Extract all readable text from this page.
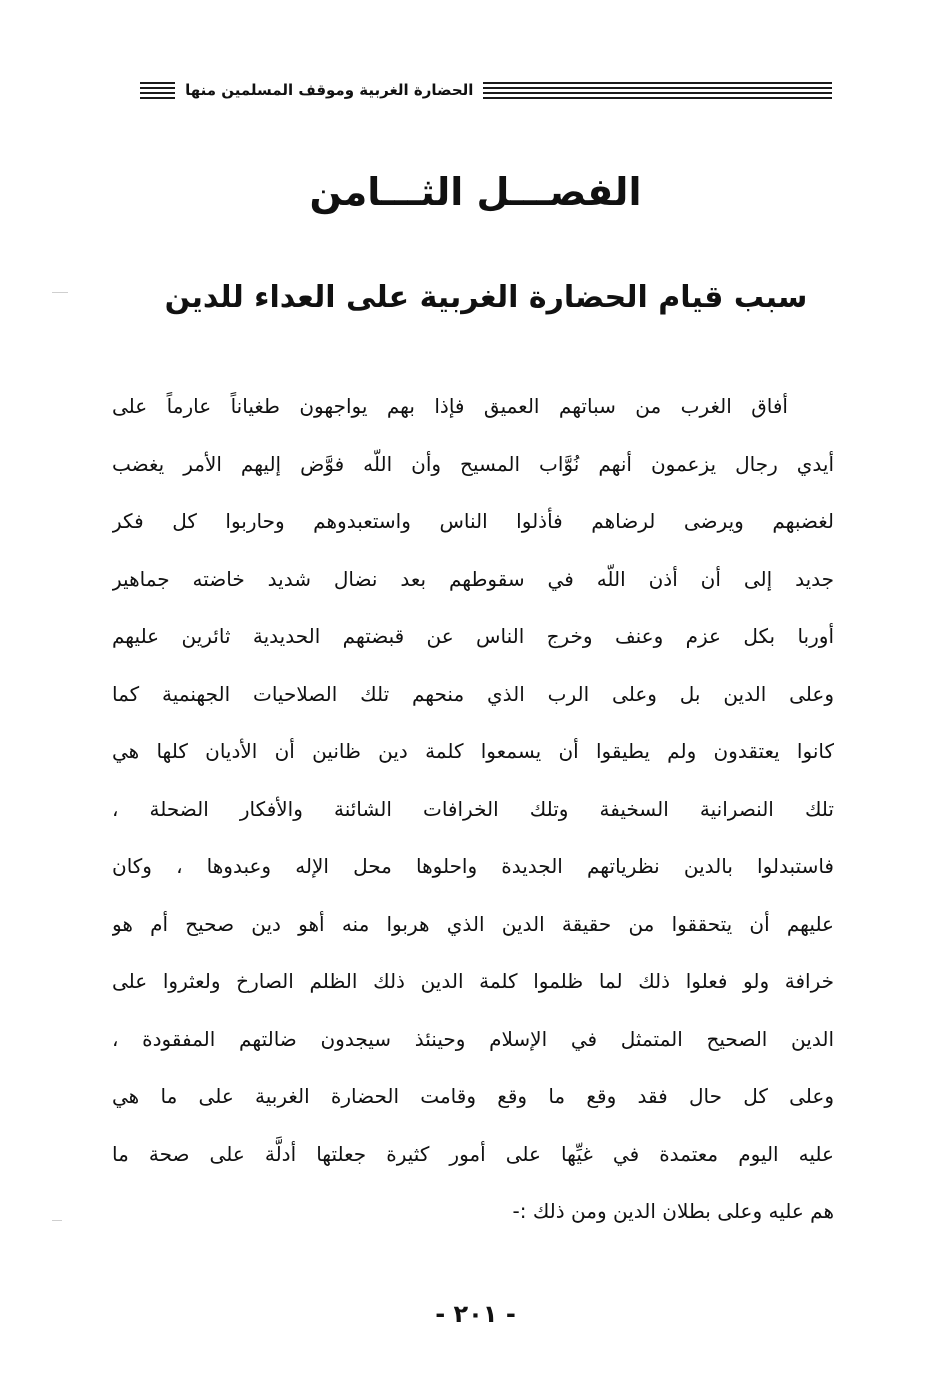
الحضارة الغربية وموقف المسلمين منها
الفصـــل الثـــامن
سبب قيام الحضارة الغربية على العداء للدين
أفاق الغرب من سباتهم العميق فإذا بهم يواجهون طغياناً عارماً على
أيدي رجال يزعمون أنهم نُوَّاب المسيح وأن اللّه فوَّض إليهم الأمر يغضب
لغضبهم ويرضى لرضاهم فأذلوا الناس واستعبدوهم وحاربوا كل فكر
جديد إلى أن أذن اللّه في سقوطهم بعد نضال شديد خاضته جماهير
أوربا بكل عزم وعنف وخرج الناس عن قبضتهم الحديدية ثائرين عليهم
وعلى الدين بل وعلى الرب الذي منحهم تلك الصلاحيات الجهنمية كما
كانوا يعتقدون ولم يطيقوا أن يسمعوا كلمة دين ظانين أن الأديان كلها هي
تلك النصرانية السخيفة وتلك الخرافات الشائنة والأفكار الضحلة ،
فاستبدلوا بالدين نظرياتهم الجديدة واحلوها محل الإله وعبدوها ، وكان
عليهم أن يتحققوا من حقيقة الدين الذي هربوا منه أهو دين صحيح أم هو
خرافة ولو فعلوا ذلك لما ظلموا كلمة الدين ذلك الظلم الصارخ ولعثروا على
الدين الصحيح المتمثل في الإسلام وحينئذ سيجدون ضالتهم المفقودة ،
وعلى كل حال فقد وقع ما وقع وقامت الحضارة الغربية على ما هي
عليه اليوم معتمدة في غيِّها على أمور كثيرة جعلتها أدلَّة على صحة ما
هم عليه وعلى بطلان الدين ومن ذلك :-
- ٢٠١ -
